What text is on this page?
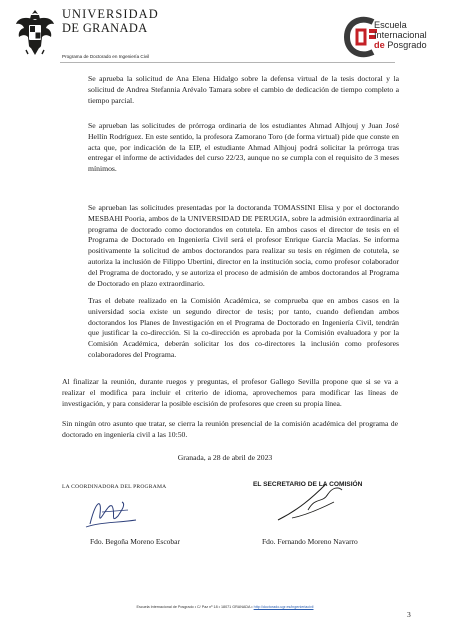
UNIVERSIDAD
DE GRANADA
Programa de Doctorado en Ingeniería Civil
Escuela
Internacional
de Posgrado

Se aprueba la solicitud de Ana Elena Hidalgo sobre la defensa virtual de la tesis doctoral y la solicitud de Andrea Stefannia Arévalo Tamara sobre el cambio de dedicación de tiempo completo a tiempo parcial.

Se aprueban las solicitudes de prórroga ordinaria de los estudiantes Ahmad Alhjouj y Juan José Hellín Rodríguez. En este sentido, la profesora Zamorano Toro (de forma virtual) pide que conste en acta que, por indicación de la EIP, el estudiante Ahmad Alhjouj podrá solicitar la prórroga tras entregar el informe de actividades del curso 22/23, aunque no se cumpla con el requisito de 3 meses mínimos.

Se aprueban las solicitudes presentadas por la doctoranda TOMASSINI Elisa y por el doctorando MESBAHI Pooria, ambos de la UNIVERSIDAD DE PERUGIA, sobre la admisión extraordinaria al programa de doctorado como doctorandos en cotutela. En ambos casos el director de tesis en el Programa de Doctorado en Ingeniería Civil será el profesor Enrique García Macías. Se informa positivamente la solicitud de ambos doctorandos para realizar su tesis en régimen de cotutela, se autoriza la inclusión de Filippo Ubertini, director en la institución socia, como profesor colaborador del Programa de doctorado, y se autoriza el proceso de admisión de ambos doctorandos al Programa de Doctorado en plazo extraordinario.

Tras el debate realizado en la Comisión Académica, se comprueba que en ambos casos en la universidad socia existe un segundo director de tesis; por tanto, cuando defiendan ambos doctorandos los Planes de Investigación en el Programa de Doctorado en Ingeniería Civil, tendrán que justificar la co-dirección. Si la co-dirección es aprobada por la Comisión evaluadora y por la Comisión Académica, deberán solicitar los dos co-directores la inclusión como profesores colaboradores del Programa.

Al finalizar la reunión, durante ruegos y preguntas, el profesor Gallego Sevilla propone que si se va a realizar el modifica para incluir el criterio de idioma, aprovechemos para modificar las líneas de investigación, y para considerar la posible escisión de profesores que creen su propia línea.

Sin ningún otro asunto que tratar, se cierra la reunión presencial de la comisión académica del programa de doctorado en ingeniería civil a las 10:50.

Granada, a 28 de abril de 2023
LA COORDINADORA DEL PROGRAMA
Fdo. Begoña Moreno Escobar
EL SECRETARIO DE LA COMISIÓN
Fdo. Fernando Moreno Navarro
Escuela Internacional de Posgrado • C/ Paz nº 18 • 18071 GRANADA • http://doctorado.ugr.es/ingenieriacivil
3
